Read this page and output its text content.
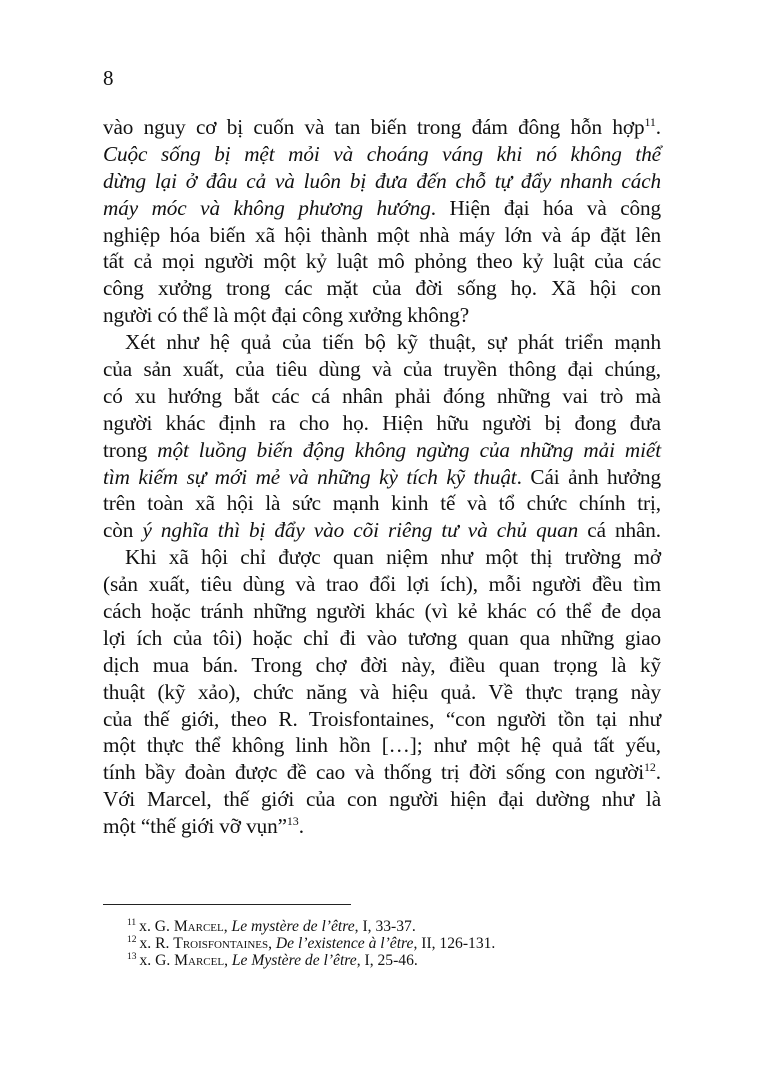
8
vào nguy cơ bị cuốn và tan biến trong đám đông hỗn hợp$^{11}$.
Cuộc sống bị mệt mỏi và choáng váng khi nó không thể
dừng lại ở đâu cả và luôn bị đưa đến chỗ tự đẩy nhanh cách
máy móc và không phương hướng. Hiện đại hóa và công
nghiệp hóa biến xã hội thành một nhà máy lớn và áp đặt lên
tất cả mọi người một kỷ luật mô phỏng theo kỷ luật của các
công xưởng trong các mặt của đời sống họ. Xã hội con
người có thể là một đại công xưởng không?
Xét như hệ quả của tiến bộ kỹ thuật, sự phát triển mạnh
của sản xuất, của tiêu dùng và của truyền thông đại chúng,
có xu hướng bắt các cá nhân phải đóng những vai trò mà
người khác định ra cho họ. Hiện hữu người bị đong đưa
trong một luồng biến động không ngừng của những mải miết
tìm kiếm sự mới mẻ và những kỳ tích kỹ thuật. Cái ảnh hưởng
trên toàn xã hội là sức mạnh kinh tế và tổ chức chính trị,
còn ý nghĩa thì bị đẩy vào cõi riêng tư và chủ quan cá nhân.
Khi xã hội chỉ được quan niệm như một thị trường mở
(sản xuất, tiêu dùng và trao đổi lợi ích), mỗi người đều tìm
cách hoặc tránh những người khác (vì kẻ khác có thể đe dọa
lợi ích của tôi) hoặc chỉ đi vào tương quan qua những giao
dịch mua bán. Trong chợ đời này, điều quan trọng là kỹ
thuật (kỹ xảo), chức năng và hiệu quả. Về thực trạng này
của thế giới, theo R. Troisfontaines, “con người tồn tại như
một thực thể không linh hồn […]; như một hệ quả tất yếu,
tính bầy đoàn được đề cao và thống trị đời sống con người$^{12}$.
Với Marcel, thế giới của con người hiện đại dường như là
một “thế giới vỡ vụn”$^{13}$.
$^{11}$ x. G. Marcel, Le mystère de l’être, I, 33-37.
$^{12}$ x. R. Troisfontaines, De l’existence à l’être, II, 126-131.
$^{13}$ x. G. Marcel, Le Mystère de l’être, I, 25-46.
